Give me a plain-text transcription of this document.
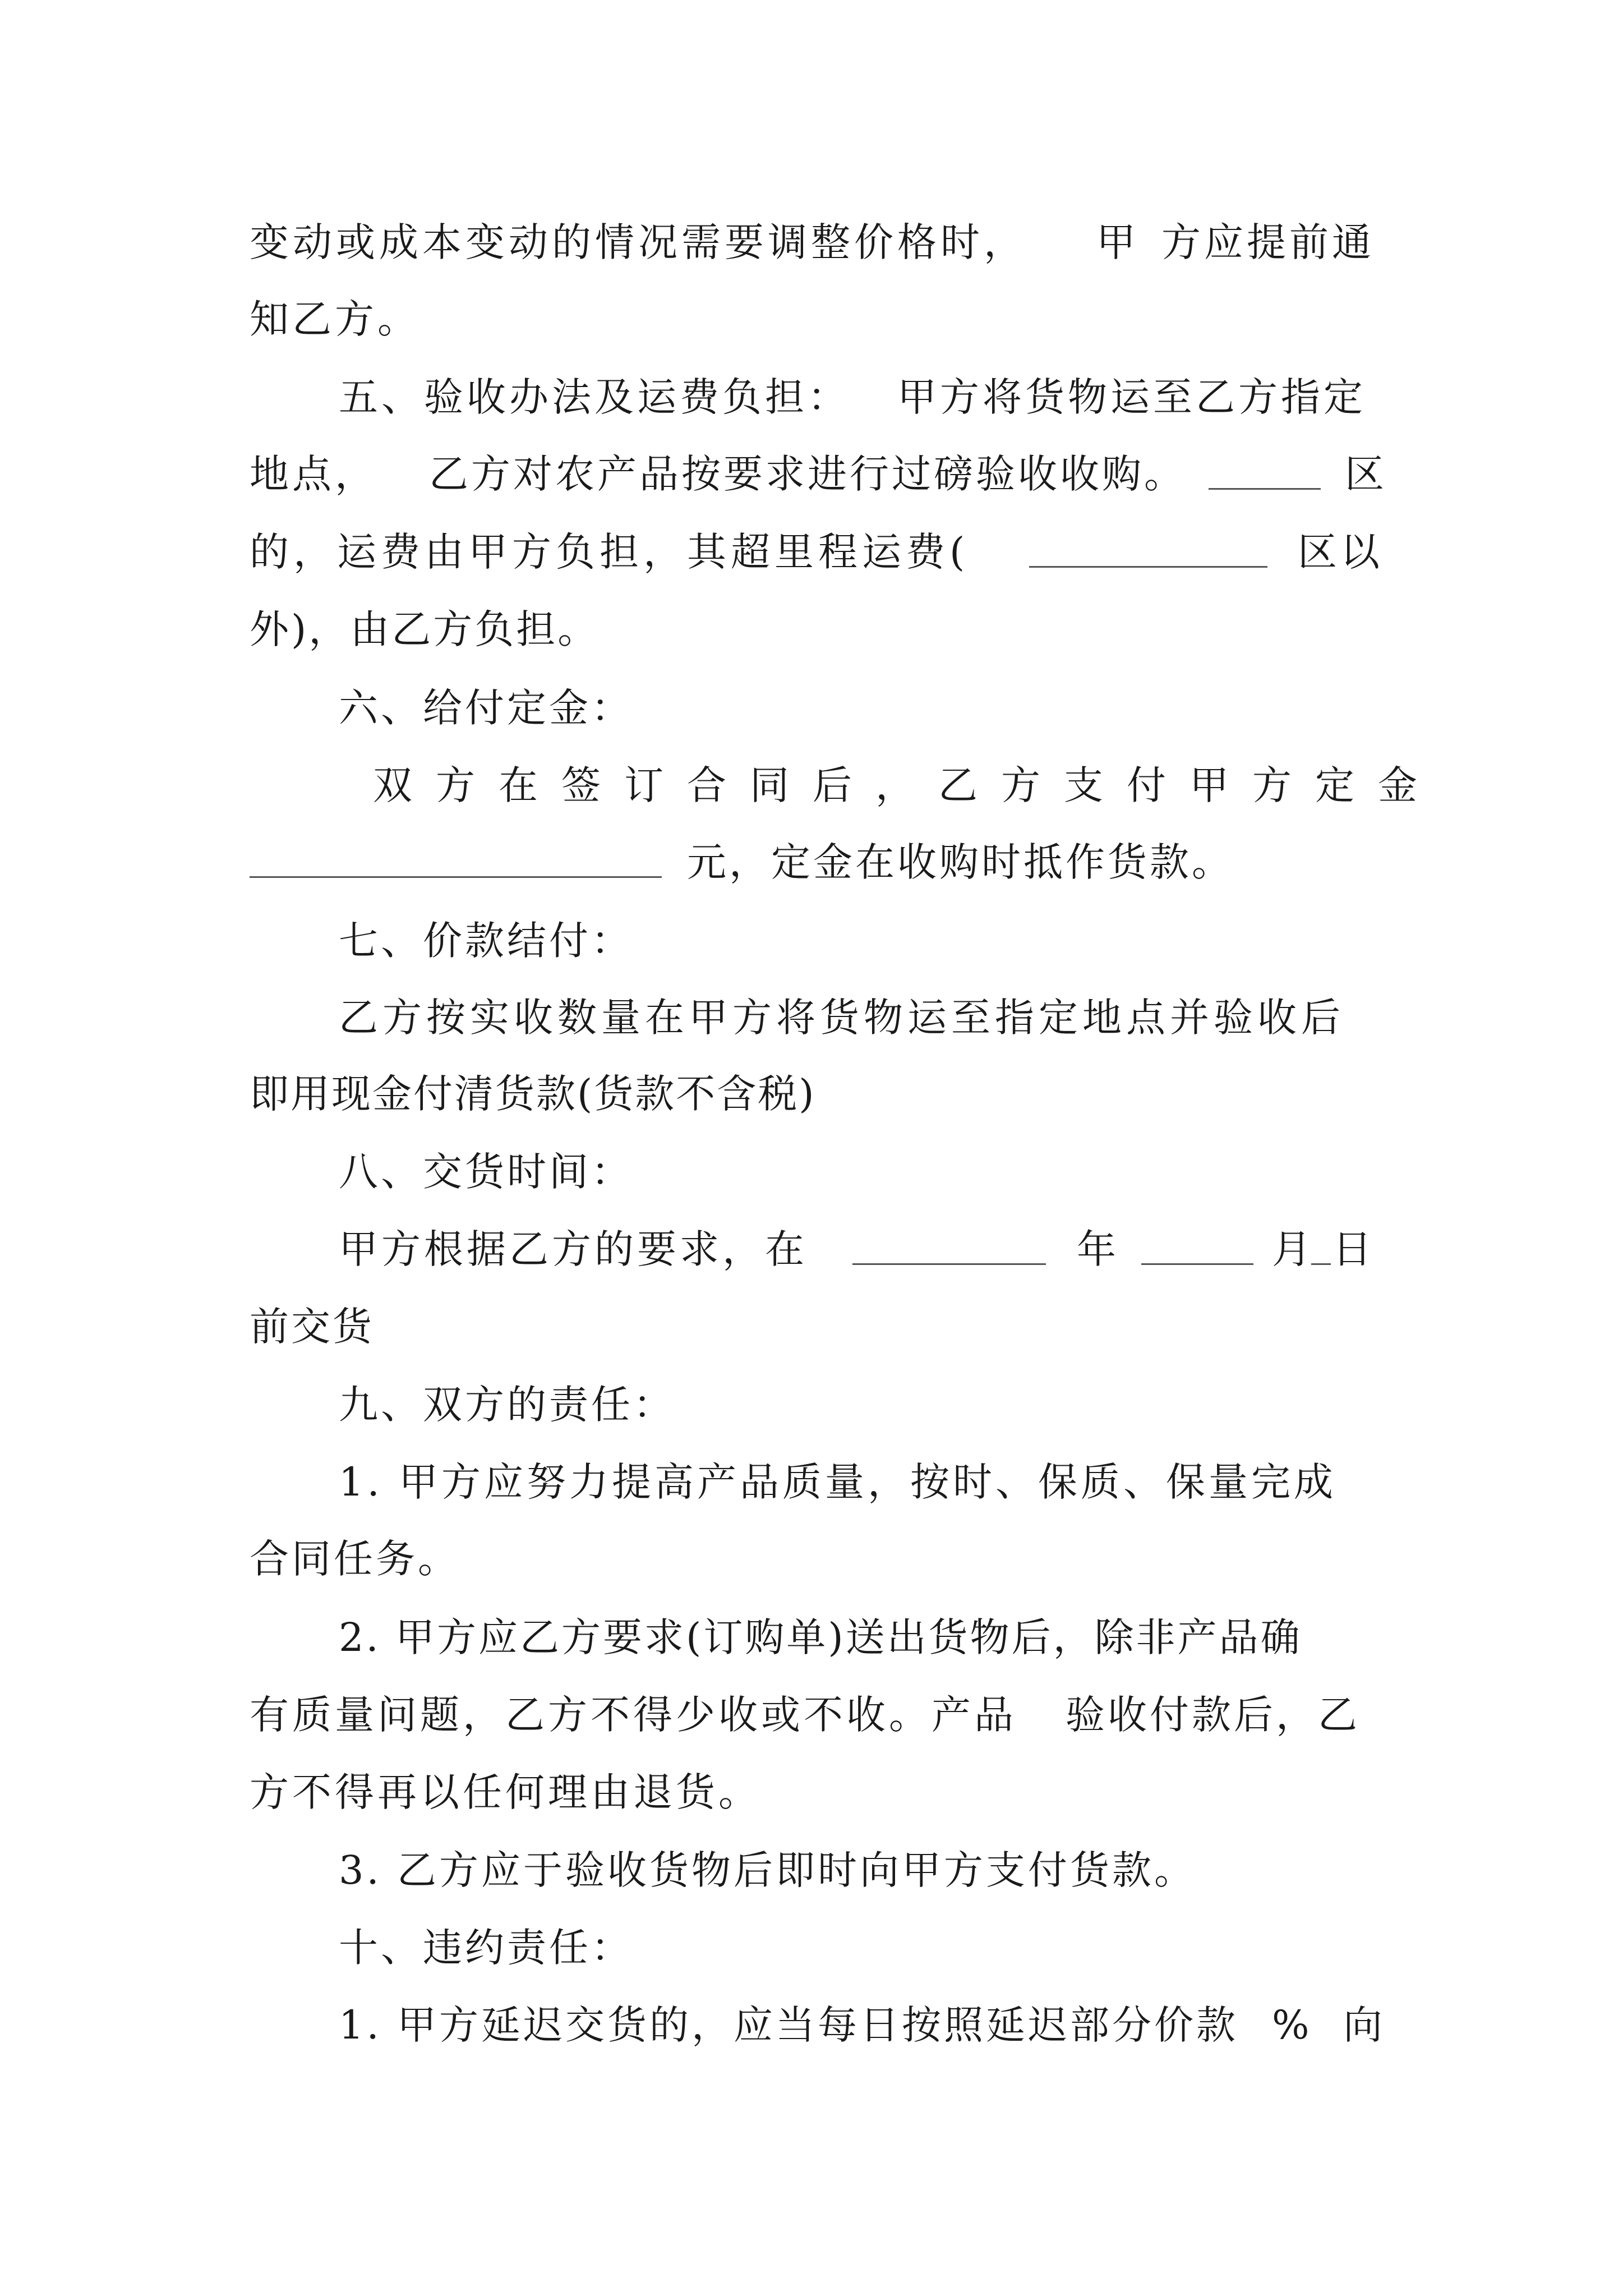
变动或成本变动的情况需要调整价格时， 甲 方应提前通
知乙方。
五、验收办法及运费负担： 甲方将货物运至乙方指定
地点， 乙方对农产品按要求进行过磅验收收购。	区
的，运费由甲方负担，其超里程运费(	区以
外)，由乙方负担。
六、给付定金：
双方在签订合同后，乙方支付甲方定金
元，定金在收购时抵作货款。
七、价款结付：
乙方按实收数量在甲方将货物运至指定地点并验收后
即用现金付清货款(货款不含税)
八、交货时间：
甲方根据乙方的要求，在	年	月 日
前交货
九、双方的责任：
1. 甲方应努力提高产品质量，按时、保质、保量完成
合同任务。
2. 甲方应乙方要求(订购单)送出货物后，除非产品确
有质量问题，乙方不得少收或不收。产品 验收付款后，乙
方不得再以任何理由退货。
3. 乙方应于验收货物后即时向甲方支付货款。
十、违约责任：
1. 甲方延迟交货的，应当每日按照延迟部分价款 % 向
